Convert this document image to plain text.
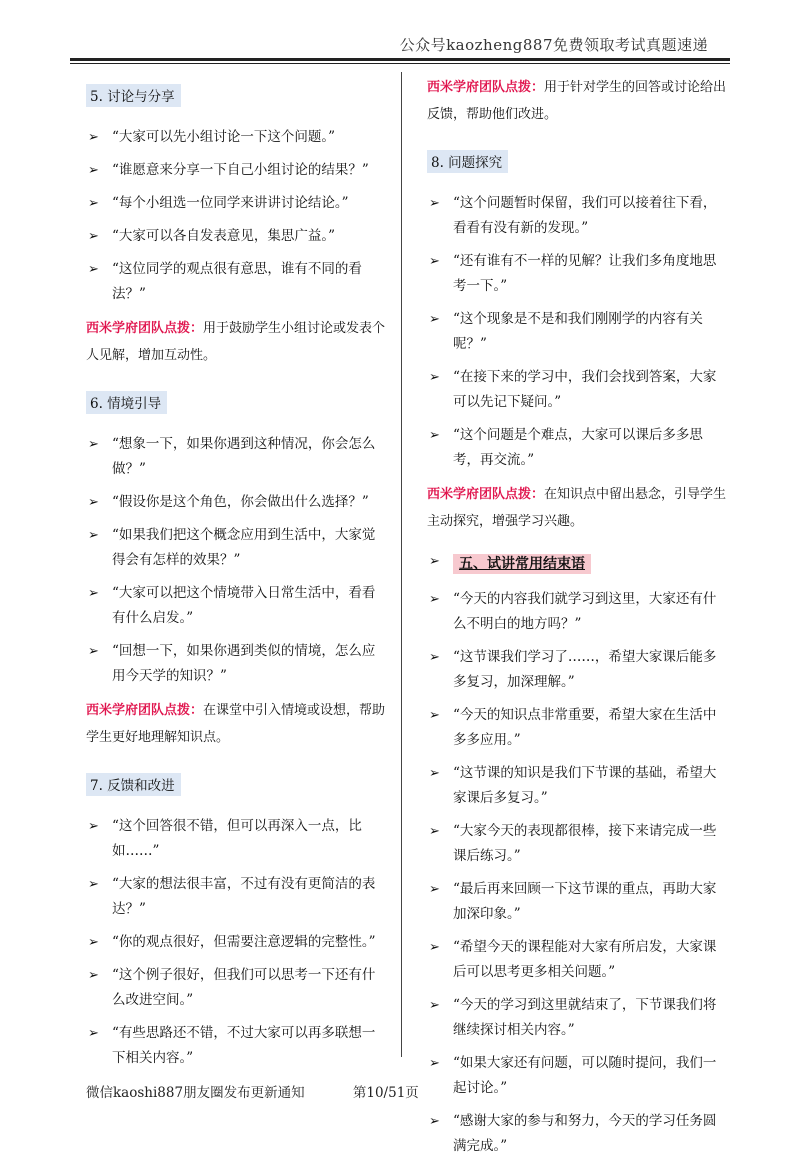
公众号kaozheng887免费领取考试真题速递
5. 讨论与分享
➢ “大家可以先小组讨论一下这个问题。”
➢ “谁愿意来分享一下自己小组讨论的结果？”
➢ “每个小组选一位同学来讲讲讨论结论。”
➢ “大家可以各自发表意见，集思广益。”
➢ “这位同学的观点很有意思，谁有不同的看法？”
西米学府团队点拨：用于鼓励学生小组讨论或发表个人见解，增加互动性。
6. 情境引导
➢ “想象一下，如果你遇到这种情况，你会怎么做？”
➢ “假设你是这个角色，你会做出什么选择？”
➢ “如果我们把这个概念应用到生活中，大家觉得会有怎样的效果？”
➢ “大家可以把这个情境带入日常生活中，看看有什么启发。”
➢ “回想一下，如果你遇到类似的情境，怎么应用今天学的知识？”
西米学府团队点拨：在课堂中引入情境或设想，帮助学生更好地理解知识点。
7. 反馈和改进
➢ “这个回答很不错，但可以再深入一点，比如……”
➢ “大家的想法很丰富，不过有没有更简洁的表达？”
➢ “你的观点很好，但需要注意逻辑的完整性。”
➢ “这个例子很好，但我们可以思考一下还有什么改进空间。”
➢ “有些思路还不错，不过大家可以再多联想一下相关内容。”
西米学府团队点拨：用于针对学生的回答或讨论给出反馈，帮助他们改进。
8. 问题探究
➢ “这个问题暂时保留，我们可以接着往下看，看看有没有新的发现。”
➢ “还有谁有不一样的见解？让我们多角度地思考一下。”
➢ “这个现象是不是和我们刚刚学的内容有关呢？”
➢ “在接下来的学习中，我们会找到答案，大家可以先记下疑问。”
➢ “这个问题是个难点，大家可以课后多多思考，再交流。”
西米学府团队点拨：在知识点中留出悬念，引导学生主动探究，增强学习兴趣。
➢ 五、试讲常用结束语
➢ “今天的内容我们就学习到这里，大家还有什么不明白的地方吗？”
➢ “这节课我们学习了……，希望大家课后能多多复习，加深理解。”
➢ “今天的知识点非常重要，希望大家在生活中多多应用。”
➢ “这节课的知识是我们下节课的基础，希望大家课后多复习。”
➢ “大家今天的表现都很棒，接下来请完成一些课后练习。”
➢ “最后再来回顾一下这节课的重点，再助大家加深印象。”
➢ “希望今天的课程能对大家有所启发，大家课后可以思考更多相关问题。”
➢ “今天的学习到这里就结束了，下节课我们将继续探讨相关内容。”
➢ “如果大家还有问题，可以随时提问，我们一起讨论。”
➢ “感谢大家的参与和努力，今天的学习任务圆满完成。”
微信kaoshi887朋友圈发布更新通知	第10/51页
